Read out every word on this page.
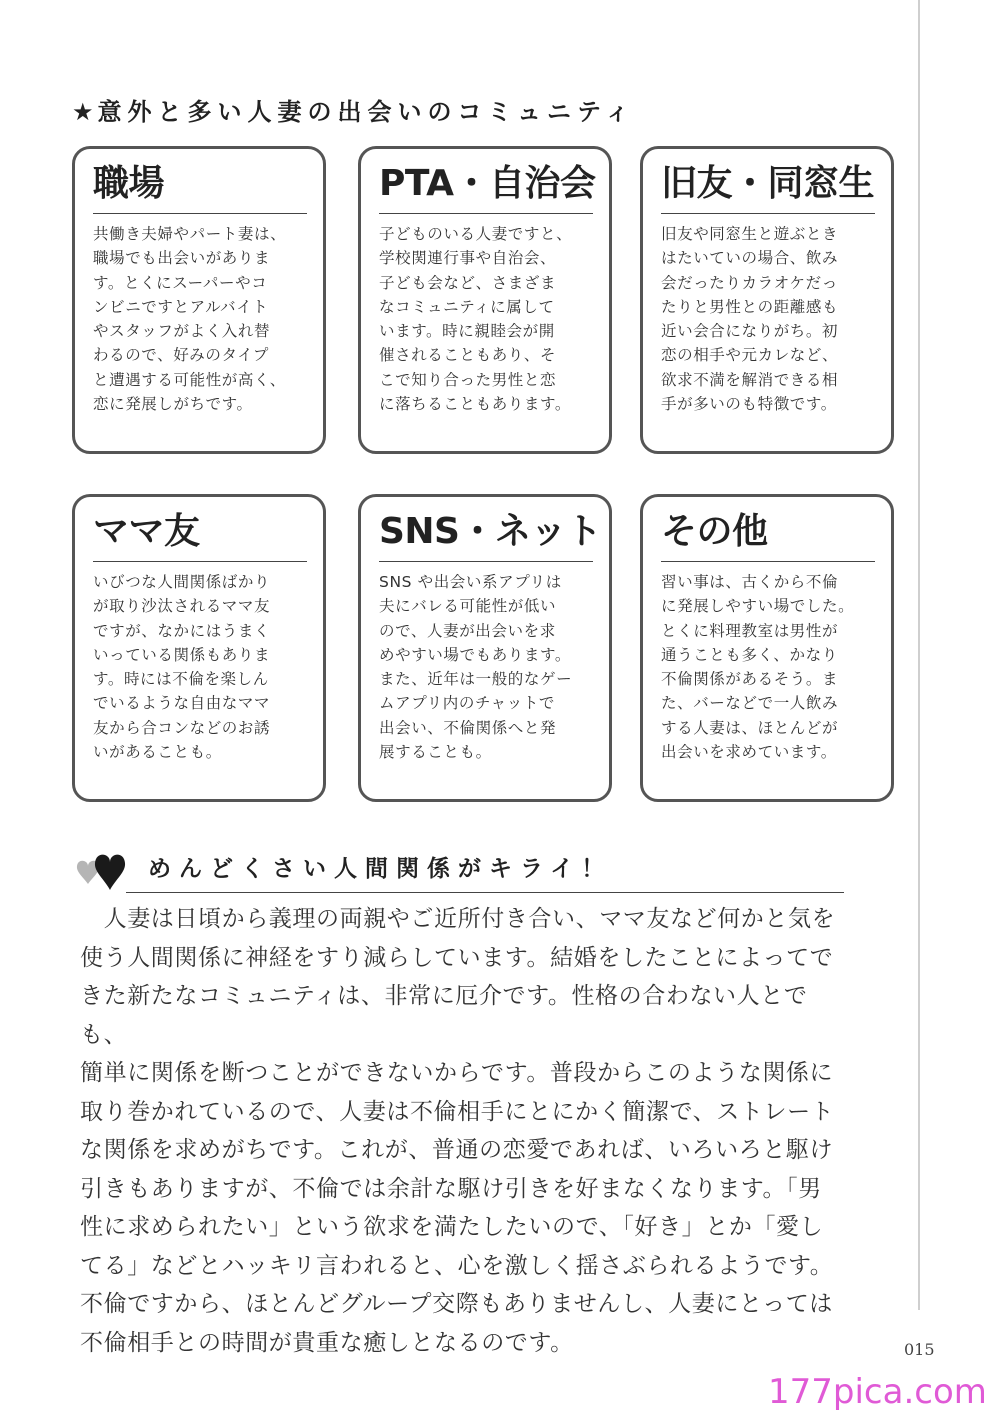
★意外と多い人妻の出会いのコミュニティ
職場
共働き夫婦やパート妻は、
職場でも出会いがありま
す。とくにスーパーやコ
ンビニですとアルバイト
やスタッフがよく入れ替
わるので、好みのタイプ
と遭遇する可能性が高く、
恋に発展しがちです。
PTA・自治会
子どものいる人妻ですと、
学校関連行事や自治会、
子ども会など、さまざま
なコミュニティに属して
います。時に親睦会が開
催されることもあり、そ
こで知り合った男性と恋
に落ちることもあります。
旧友・同窓生
旧友や同窓生と遊ぶとき
はたいていの場合、飲み
会だったりカラオケだっ
たりと男性との距離感も
近い会合になりがち。初
恋の相手や元カレなど、
欲求不満を解消できる相
手が多いのも特徴です。
ママ友
いびつな人間関係ばかり
が取り沙汰されるママ友
ですが、なかにはうまく
いっている関係もありま
す。時には不倫を楽しん
でいるような自由なママ
友から合コンなどのお誘
いがあることも。
SNS・ネット
SNS や出会い系アプリは
夫にバレる可能性が低い
ので、人妻が出会いを求
めやすい場でもあります。
また、近年は一般的なゲー
ムアプリ内のチャットで
出会い、不倫関係へと発
展することも。
その他
習い事は、古くから不倫
に発展しやすい場でした。
とくに料理教室は男性が
通うことも多く、かなり
不倫関係があるそう。ま
た、バーなどで一人飲み
する人妻は、ほとんどが
出会いを求めています。
めんどくさい人間関係がキライ！
　人妻は日頃から義理の両親やご近所付き合い、ママ友など何かと気を
使う人間関係に神経をすり減らしています。結婚をしたことによってで
きた新たなコミュニティは、非常に厄介です。性格の合わない人とでも、
簡単に関係を断つことができないからです。普段からこのような関係に
取り巻かれているので、人妻は不倫相手にとにかく簡潔で、ストレート
な関係を求めがちです。これが、普通の恋愛であれば、いろいろと駆け
引きもありますが、不倫では余計な駆け引きを好まなくなります。「男
性に求められたい」という欲求を満たしたいので、「好き」とか「愛し
てる」などとハッキリ言われると、心を激しく揺さぶられるようです。
不倫ですから、ほとんどグループ交際もありませんし、人妻にとっては
不倫相手との時間が貴重な癒しとなるのです。	015
177pica.com
